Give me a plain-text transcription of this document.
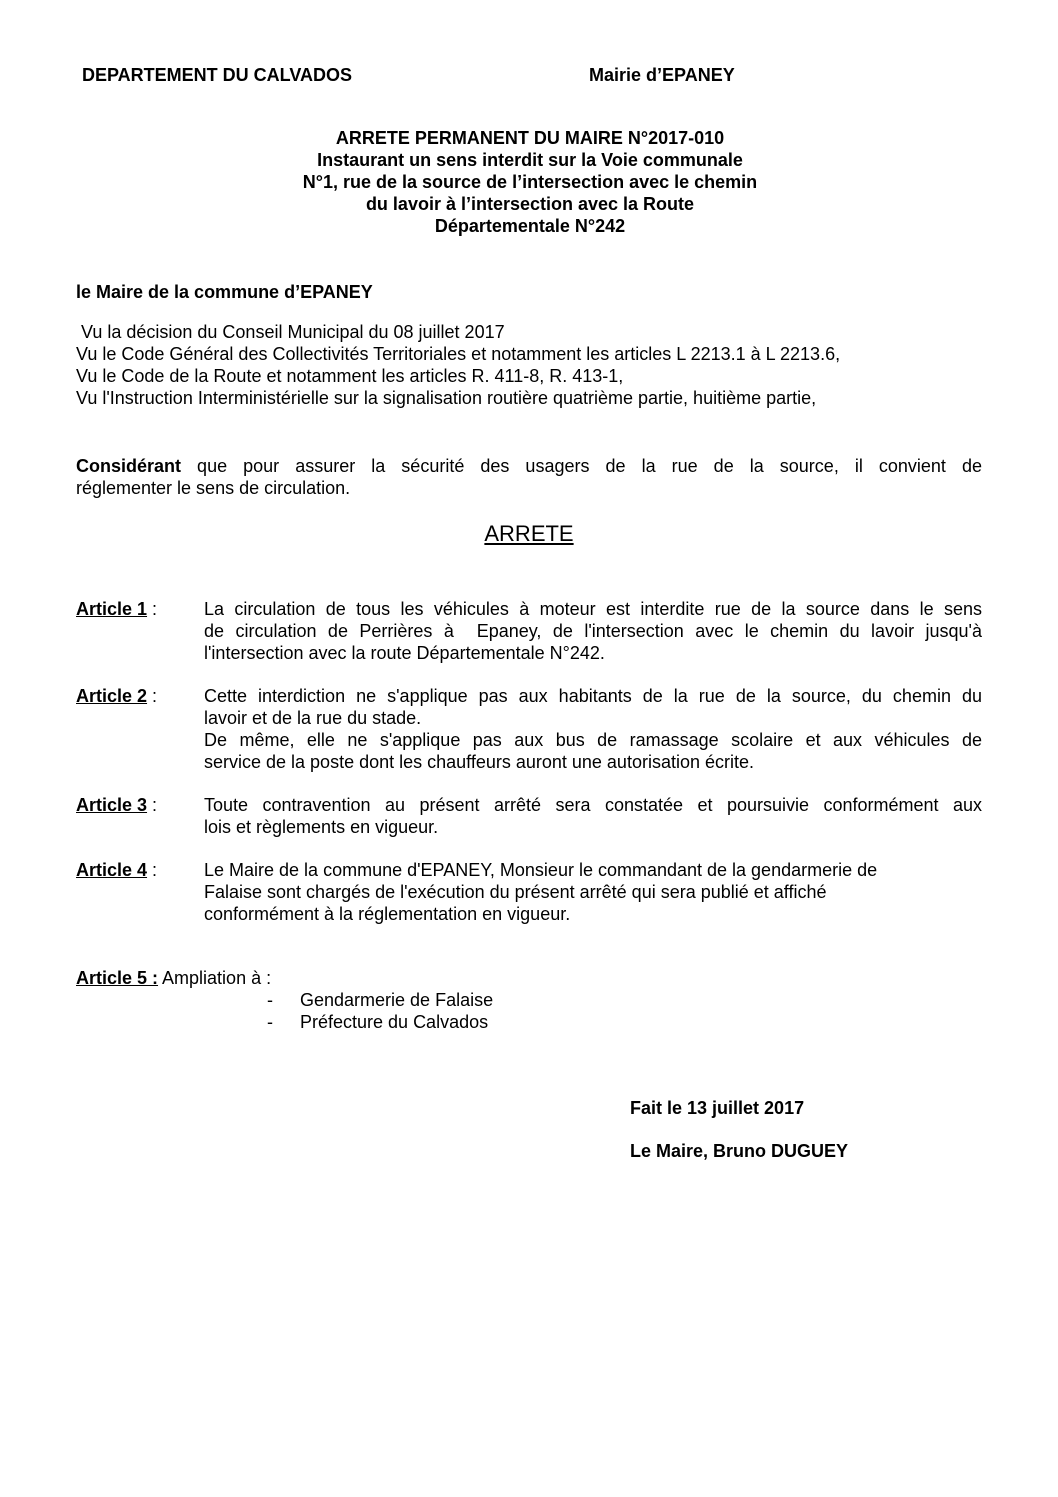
DEPARTEMENT DU CALVADOS	Mairie d’EPANEY
ARRETE PERMANENT DU MAIRE N°2017-010
Instaurant un sens interdit sur la Voie communale
N°1, rue de la source de l’intersection avec le chemin
du lavoir à l’intersection avec la Route
Départementale N°242
le Maire de la commune d’EPANEY
Vu la décision du Conseil Municipal du 08 juillet 2017
Vu le Code Général des Collectivités Territoriales et notamment les articles L 2213.1 à L 2213.6,
Vu le Code de la Route et notamment les articles R. 411-8, R. 413-1,
Vu l'Instruction Interministérielle sur la signalisation routière quatrième partie, huitième partie,
Considérant que pour assurer la sécurité des usagers de la rue de la source, il convient de
réglementer le sens de circulation.
ARRETE
Article 1 :	La circulation de tous les véhicules à moteur est interdite rue de la source dans le sens
de circulation de Perrières à  Epaney, de l'intersection avec le chemin du lavoir jusqu'à
l'intersection avec la route Départementale N°242.
Article 2 :	Cette interdiction ne s'applique pas aux habitants de la rue de la source, du chemin du
lavoir et de la rue du stade.
De même, elle ne s'applique pas aux bus de ramassage scolaire et aux véhicules de
service de la poste dont les chauffeurs auront une autorisation écrite.
Article 3 :	Toute contravention au présent arrêté sera constatée et poursuivie conformément aux
lois et règlements en vigueur.
Article 4 :	Le Maire de la commune d'EPANEY, Monsieur le commandant de la gendarmerie de
Falaise sont chargés de l'exécution du présent arrêté qui sera publié et affiché
conformément à la réglementation en vigueur.
Article 5 : Ampliation à :
- Gendarmerie de Falaise
- Préfecture du Calvados
Fait le 13 juillet 2017
Le Maire, Bruno DUGUEY
